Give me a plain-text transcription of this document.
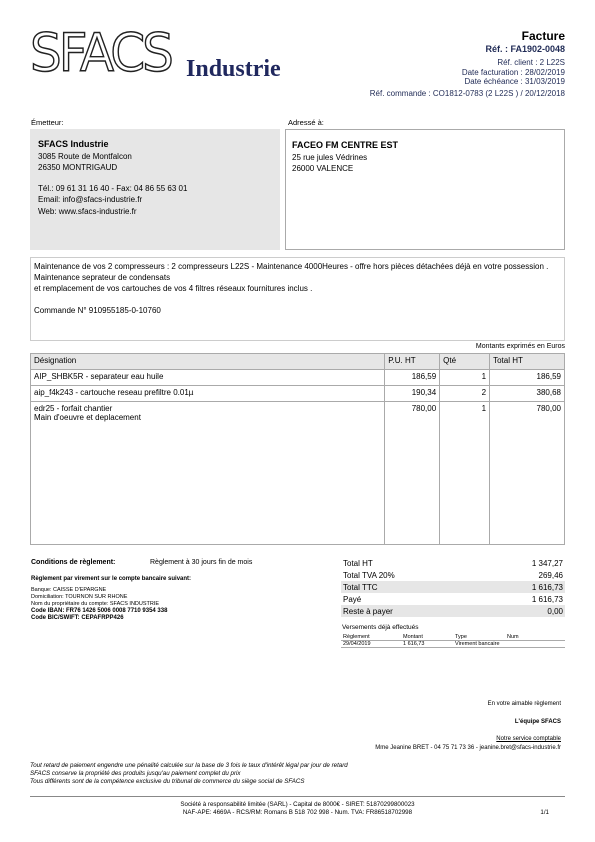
SFACS Industrie
Facture
Réf. : FA1902-0048
Réf. client : 2 L22S
Date facturation : 28/02/2019
Date échéance : 31/03/2019
Réf. commande : CO1812-0783 (2 L22S ) / 20/12/2018
Émetteur:	Adressé à:
SFACS Industrie
3085 Route de Montfalcon
26350 MONTRIGAUD
Tél.: 09 61 31 16 40 - Fax: 04 86 55 63 01
Email: info@sfacs-industrie.fr
Web: www.sfacs-industrie.fr
FACEO FM CENTRE EST
25 rue jules Védrines
26000 VALENCE
Maintenance de vos 2 compresseurs : 2 compresseurs L22S - Maintenance 4000Heures - offre hors pièces détachées déjà en votre possession .
Maintenance seprateur de condensats
et remplacement de vos cartouches de vos 4 filtres réseaux fournitures inclus .
Commande N° 910955185-0-10760
Montants exprimés en Euros
Désignation	P.U. HT	Qté	Total HT
AIP_SHBK5R - separateur eau huile	186,59	1	186,59
aip_f4k243 - cartouche reseau prefiltre 0.01µ	190,34	2	380,68

edr25 - forfait chantier
Main d'oeuvre et deplacement	780,00	1	780,00
Conditions de règlement:	Règlement à 30 jours fin de mois
Règlement par virement sur le compte bancaire suivant:
Banque: CAISSE D'EPARGNE
Domiciliation: TOURNON SUR RHONE
Nom du propriétaire du compte: SFACS INDUSTRIE
Code IBAN: FR76 1426 5006 0008 7710 9354 338
Code BIC/SWIFT: CEPAFRPP426
Total HT	1 347,27
Total TVA 20%	269,46
Total TTC	1 616,73
Payé	1 616,73
Reste à payer	0,00
Versements déjà effectués
Règlement	Montant	Type	Num
29/04/2019	1 616,73	Virement bancaire	
En votre aimable règlement
L'équipe SFACS
Notre service comptable
Mme Jeanine BRET - 04 75 71 73 36 - jeanine.bret@sfacs-industrie.fr
Tout retard de paiement engendre une pénalité calculée sur la base de 3 fois le taux d'intérêt légal par jour de retard
SFACS conserve la propriété des produits jusqu'au paiement complet du prix
Tous différents sont de la compétence exclusive du tribunal de commerce du siège social de SFACS
Société à responsabilité limitée (SARL) - Capital de 8000€ - SIRET: 51870299800023
NAF-APE: 4669A - RCS/RM: Romans B 518 702 998 - Num. TVA: FR86518702998	1/1
